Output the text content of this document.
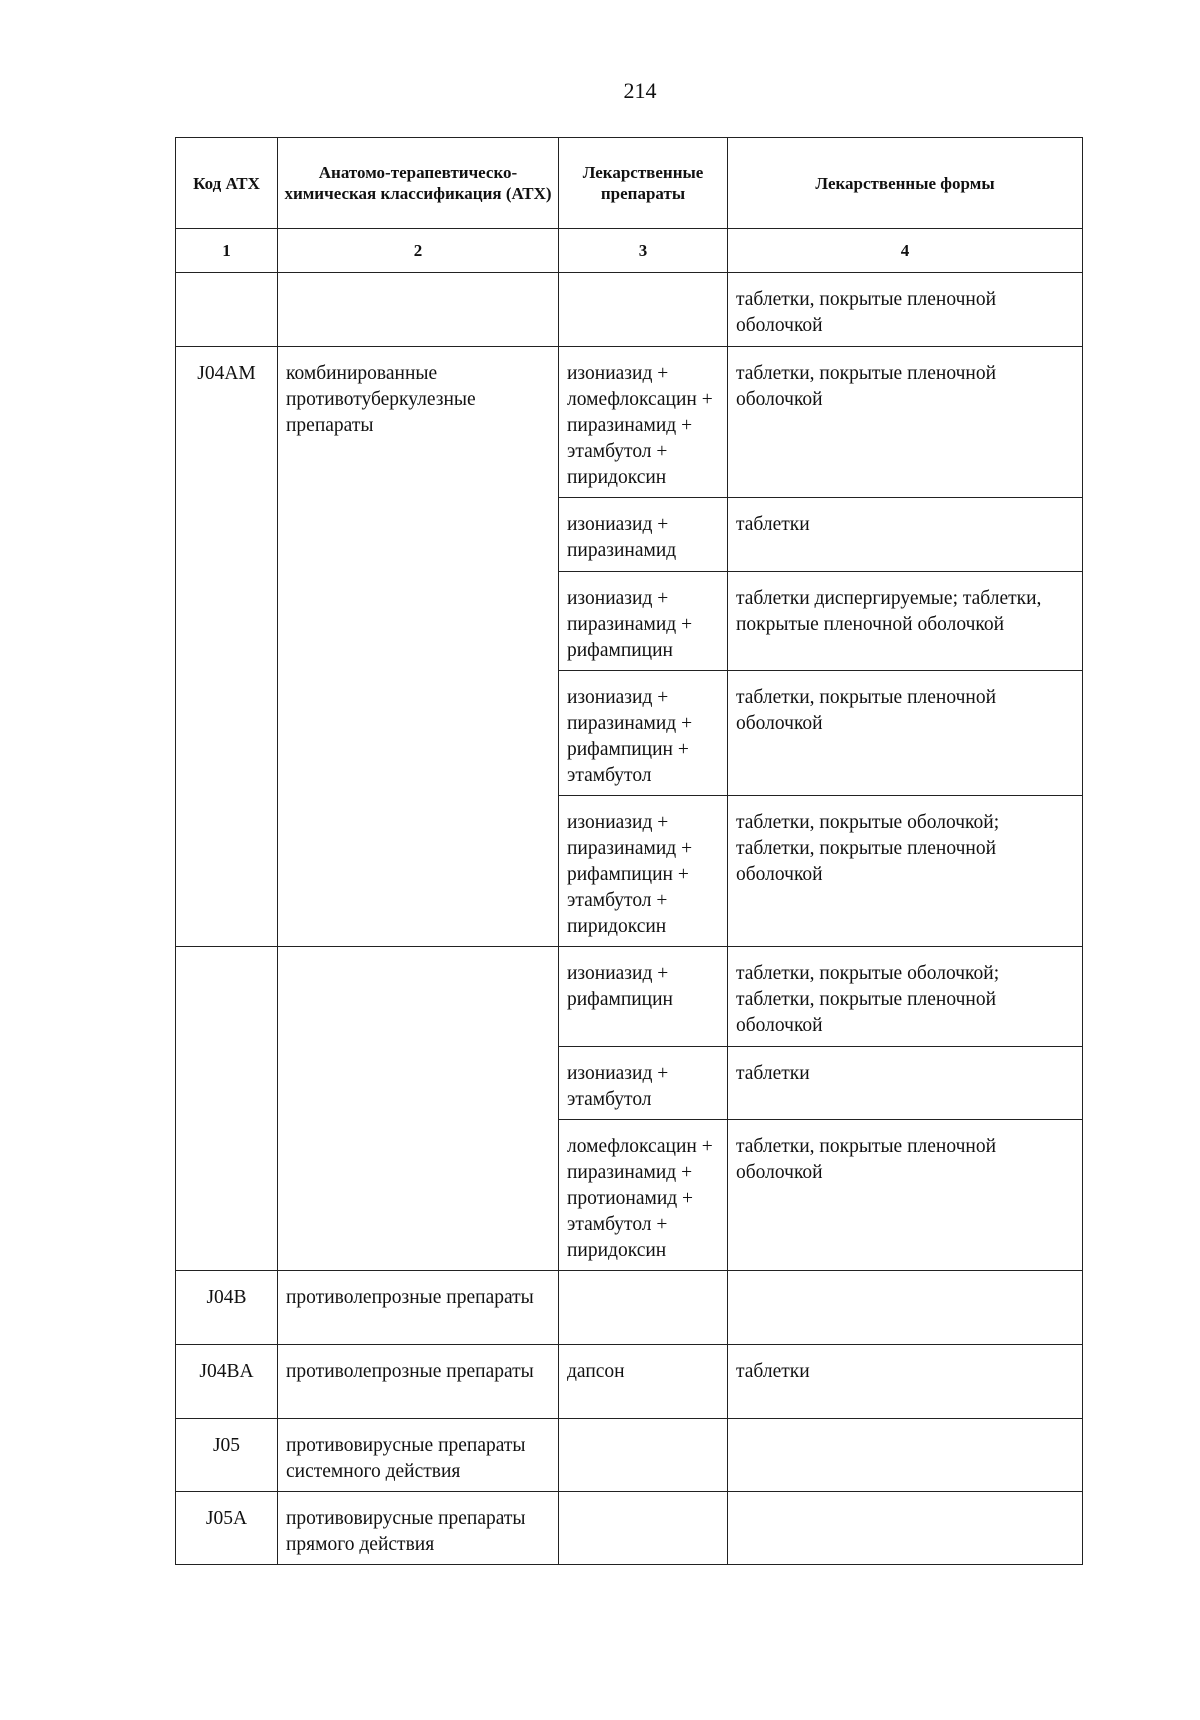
214
Код АТХ	Анатомо-терапевтическо-химическая классификация (АТХ)	Лекарственные препараты	Лекарственные формы
1	2	3	4
			таблетки, покрытые пленочной оболочкой
J04AM	комбинированные противотуберкулезные препараты	изониазид + ломефлоксацин + пиразинамид + этамбутол + пиридоксин	таблетки, покрытые пленочной оболочкой
		изониазид + пиразинамид	таблетки
		изониазид + пиразинамид + рифампицин	таблетки диспергируемые; таблетки, покрытые пленочной оболочкой
		изониазид + пиразинамид + рифампицин + этамбутол	таблетки, покрытые пленочной оболочкой
		изониазид + пиразинамид + рифампицин + этамбутол + пиридоксин	таблетки, покрытые оболочкой; таблетки, покрытые пленочной оболочкой
		изониазид + рифампицин	таблетки, покрытые оболочкой; таблетки, покрытые пленочной оболочкой
		изониазид + этамбутол	таблетки
		ломефлоксацин + пиразинамид + протионамид + этамбутол + пиридоксин	таблетки, покрытые пленочной оболочкой
J04B	противолепрозные препараты		
J04BA	противолепрозные препараты	дапсон	таблетки
J05	противовирусные препараты системного действия		
J05A	противовирусные препараты прямого действия		
